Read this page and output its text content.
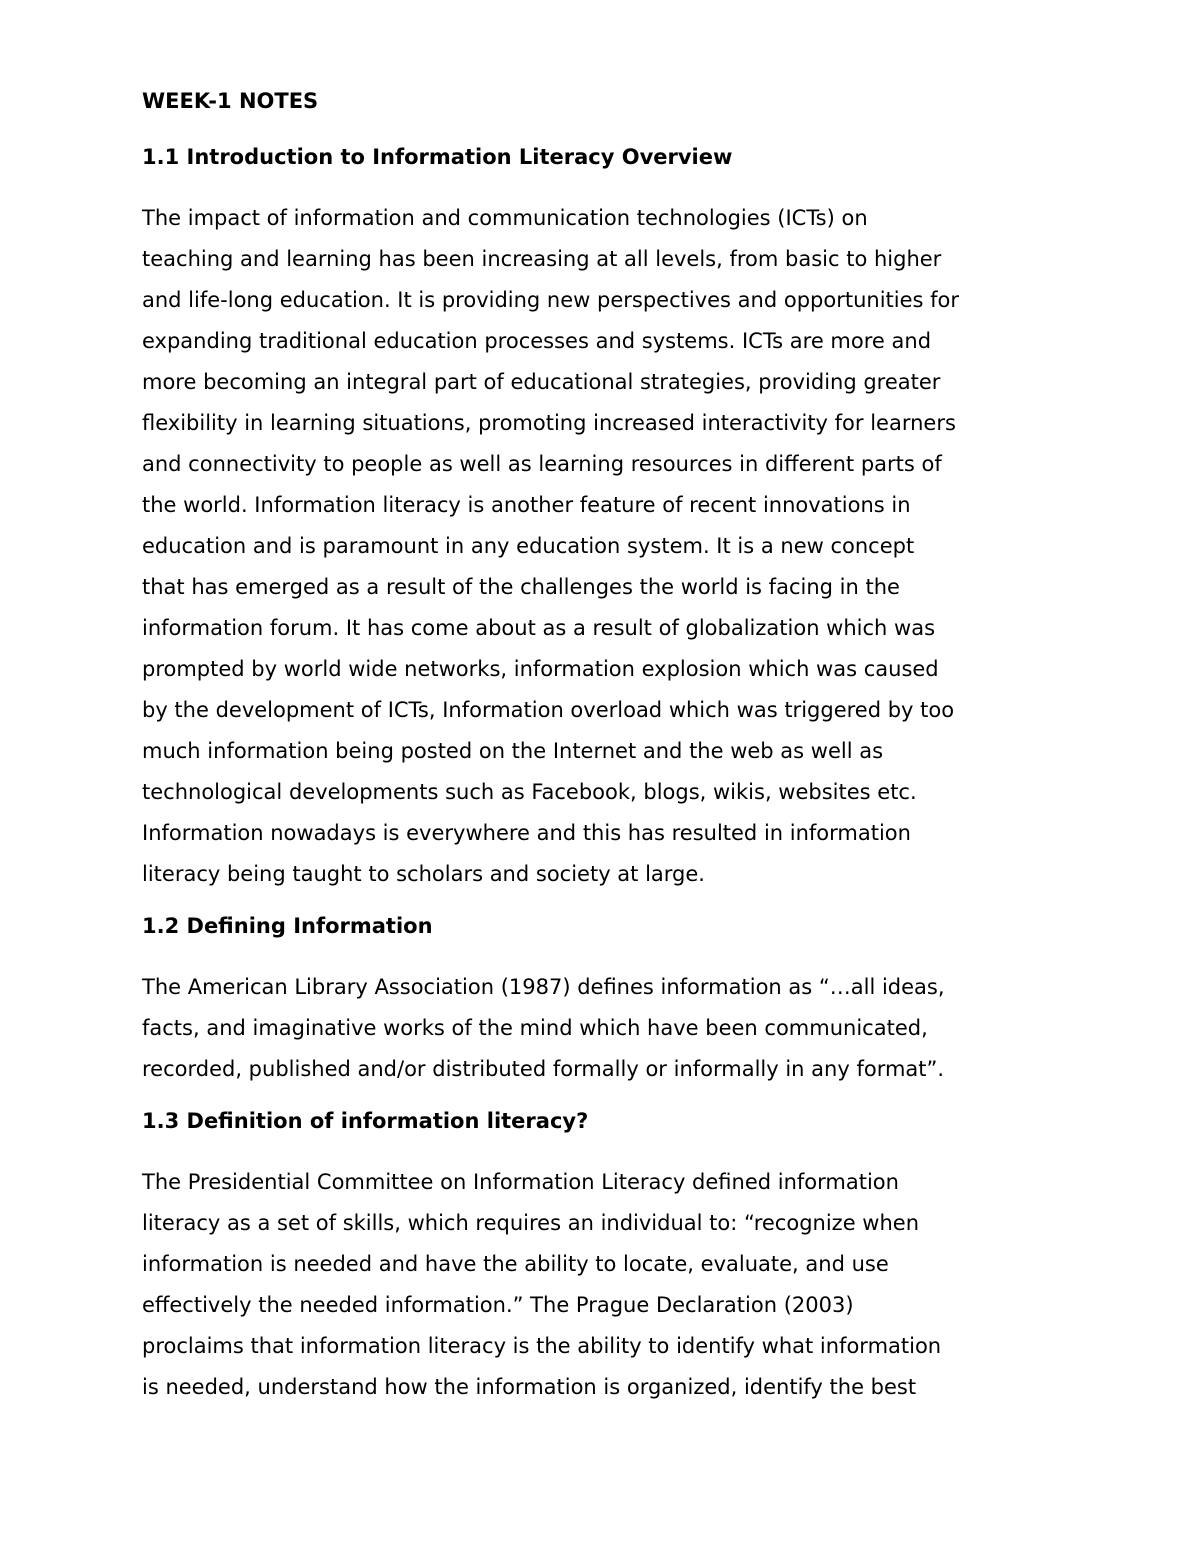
WEEK-1 NOTES
1.1 Introduction to Information Literacy Overview
The impact of information and communication technologies (ICTs) on
teaching and learning has been increasing at all levels, from basic to higher
and life-long education. It is providing new perspectives and opportunities for
expanding traditional education processes and systems. ICTs are more and
more becoming an integral part of educational strategies, providing greater
flexibility in learning situations, promoting increased interactivity for learners
and connectivity to people as well as learning resources in different parts of
the world. Information literacy is another feature of recent innovations in
education and is paramount in any education system. It is a new concept
that has emerged as a result of the challenges the world is facing in the
information forum. It has come about as a result of globalization which was
prompted by world wide networks, information explosion which was caused
by the development of ICTs, Information overload which was triggered by too
much information being posted on the Internet and the web as well as
technological developments such as Facebook, blogs, wikis, websites etc.
Information nowadays is everywhere and this has resulted in information
literacy being taught to scholars and society at large.
1.2 Defining Information
The American Library Association (1987) defines information as “…all ideas,
facts, and imaginative works of the mind which have been communicated,
recorded, published and/or distributed formally or informally in any format”.
1.3 Definition of information literacy?
The Presidential Committee on Information Literacy defined information
literacy as a set of skills, which requires an individual to: “recognize when
information is needed and have the ability to locate, evaluate, and use
effectively the needed information.” The Prague Declaration (2003)
proclaims that information literacy is the ability to identify what information
is needed, understand how the information is organized, identify the best
